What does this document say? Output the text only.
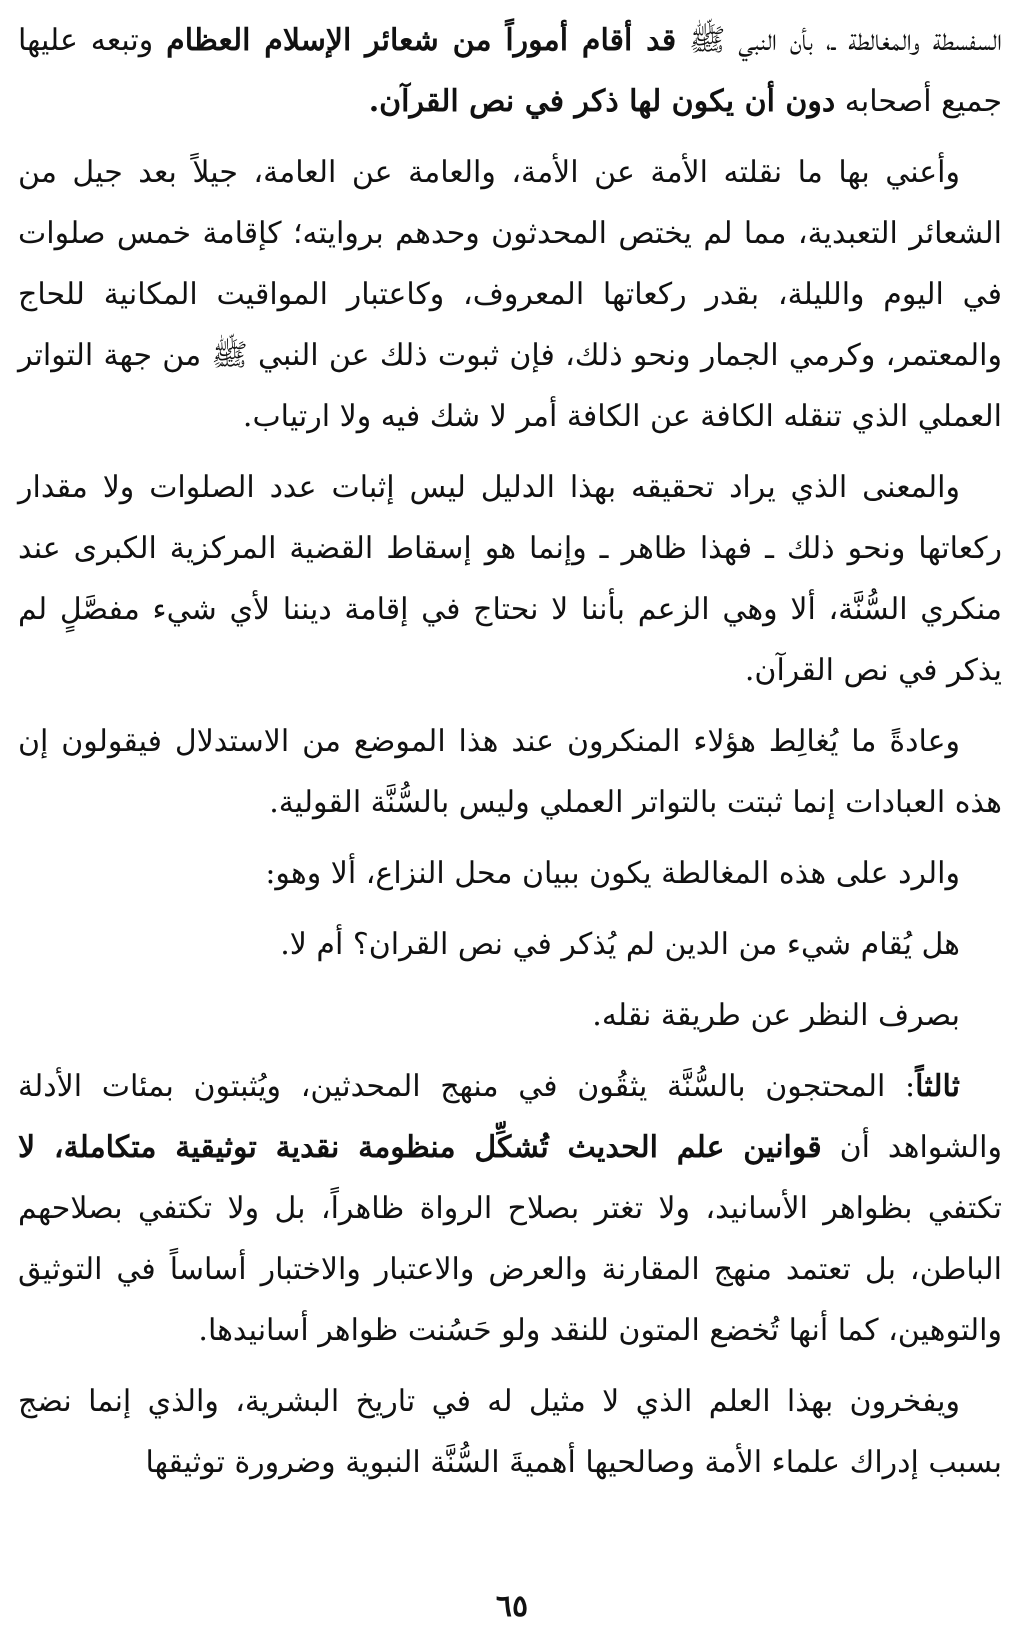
السفسطة والمغالطة ـ، بأن النبي ﷺ قد أقام أموراً من شعائر الإسلام العظام وتبعه عليها جميع أصحابه دون أن يكون لها ذكر في نص القرآن.

وأعني بها ما نقلته الأمة عن الأمة، والعامة عن العامة، جيلاً بعد جيل من الشعائر التعبدية، مما لم يختص المحدثون وحدهم بروايته؛ كإقامة خمس صلوات في اليوم والليلة، بقدر ركعاتها المعروف، وكاعتبار المواقيت المكانية للحاج والمعتمر، وكرمي الجمار ونحو ذلك، فإن ثبوت ذلك عن النبي ﷺ من جهة التواتر العملي الذي تنقله الكافة عن الكافة أمر لا شك فيه ولا ارتياب.

والمعنى الذي يراد تحقيقه بهذا الدليل ليس إثبات عدد الصلوات ولا مقدار ركعاتها ونحو ذلك ـ فهذا ظاهر ـ وإنما هو إسقاط القضية المركزية الكبرى عند منكري السُّنَّة، ألا وهي الزعم بأننا لا نحتاج في إقامة ديننا لأي شيء مفصَّلٍ لم يذكر في نص القرآن.

وعادةً ما يُغالِط هؤلاء المنكرون عند هذا الموضع من الاستدلال فيقولون إن هذه العبادات إنما ثبتت بالتواتر العملي وليس بالسُّنَّة القولية.

والرد على هذه المغالطة يكون ببيان محل النزاع، ألا وهو:

هل يُقام شيء من الدين لم يُذكر في نص القران؟ أم لا.

بصرف النظر عن طريقة نقله.

ثالثاً: المحتجون بالسُّنَّة يثقُون في منهج المحدثين، ويُثبتون بمئات الأدلة والشواهد أن قوانين علم الحديث تُشكِّل منظومة نقدية توثيقية متكاملة، لا تكتفي بظواهر الأسانيد، ولا تغتر بصلاح الرواة ظاهراً، بل ولا تكتفي بصلاحهم الباطن، بل تعتمد منهج المقارنة والعرض والاعتبار والاختبار أساساً في التوثيق والتوهين، كما أنها تُخضع المتون للنقد ولو حَسُنت ظواهر أسانيدها.

ويفخرون بهذا العلم الذي لا مثيل له في تاريخ البشرية، والذي إنما نضج بسبب إدراك علماء الأمة وصالحيها أهميةَ السُّنَّة النبوية وضرورة توثيقها

٦٥
